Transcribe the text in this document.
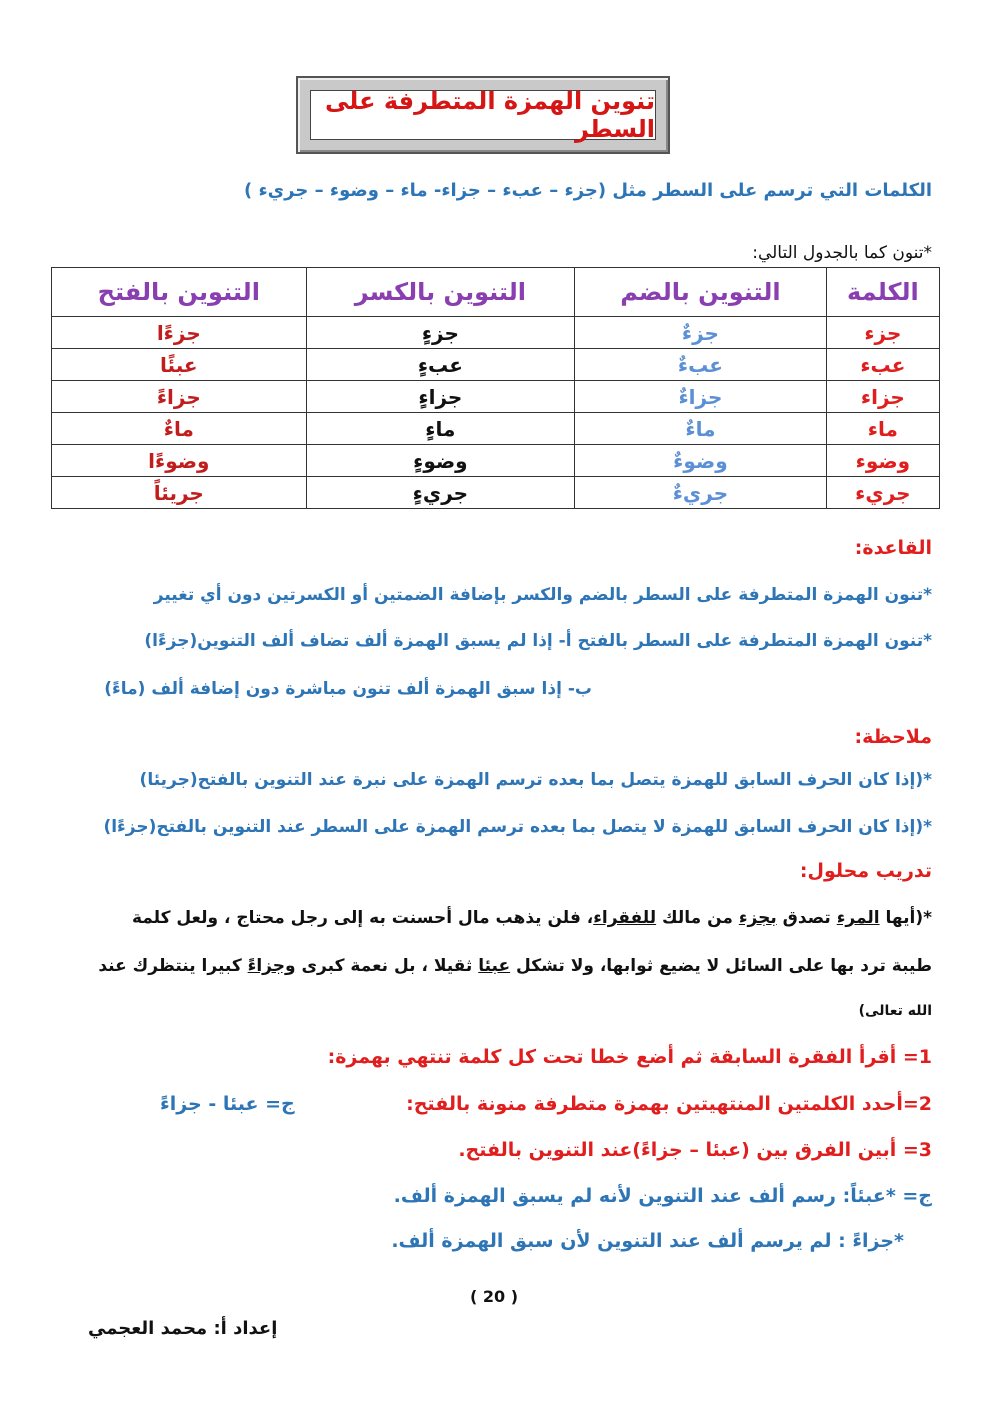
تنوين الهمزة المتطرفة على السطر
الكلمات التي ترسم على السطر مثل (جزء – عبء – جزاء- ماء – وضوء – جريء )
*تنون كما بالجدول التالي:
الكلمة	التنوين بالضم	التنوين بالكسر	التنوين بالفتح
جزء	جزءٌ	جزءٍ	جزءًا
عبء	عبءٌ	عبءٍ	عبئًا
جزاء	جزاءٌ	جزاءٍ	جزاءً
ماء	ماءٌ	ماءٍ	ماءٌ
وضوء	وضوءٌ	وضوءٍ	وضوءًا
جريء	جريءٌ	جريءٍ	جريئاً
القاعدة:
*تنون الهمزة المتطرفة على السطر بالضم والكسر بإضافة الضمتين أو الكسرتين دون أي تغيير
*تنون الهمزة المتطرفة على السطر بالفتح أ- إذا لم يسبق الهمزة ألف تضاف ألف التنوين(جزءًا)
ب- إذا سبق الهمزة ألف تنون مباشرة دون إضافة ألف (ماءً)
ملاحظة:
*(إذا كان الحرف السابق للهمزة يتصل بما بعده ترسم الهمزة على نبرة عند التنوين بالفتح(جريئا)
*(إذا كان الحرف السابق للهمزة لا يتصل بما بعده ترسم الهمزة على السطر عند التنوين بالفتح(جزءًا)
تدريب محلول:
*(أيها المرء تصدق بجزء من مالك للفقراء، فلن يذهب مال أحسنت به إلى رجل محتاج ، ولعل كلمة
طيبة ترد بها على السائل لا يضيع ثوابها، ولا تشكل عبئا ثقيلا ، بل نعمة كبرى وجزاءً كبيرا ينتظرك عند
الله تعالى)
1= أقرأ الفقرة السابقة ثم أضع خطا تحت كل كلمة تنتهي بهمزة:
2=أحدد الكلمتين المنتهيتين بهمزة متطرفة منونة بالفتح:
ج= عبئا - جزاءً
3= أبين الفرق بين (عبئا – جزاءً)عند التنوين بالفتح.
ج= *عبئاً: رسم ألف عند التنوين لأنه لم يسبق الهمزة ألف.
*جزاءً : لم يرسم ألف عند التنوين لأن سبق الهمزة ألف.
( 20 )
إعداد أ: محمد العجمي
